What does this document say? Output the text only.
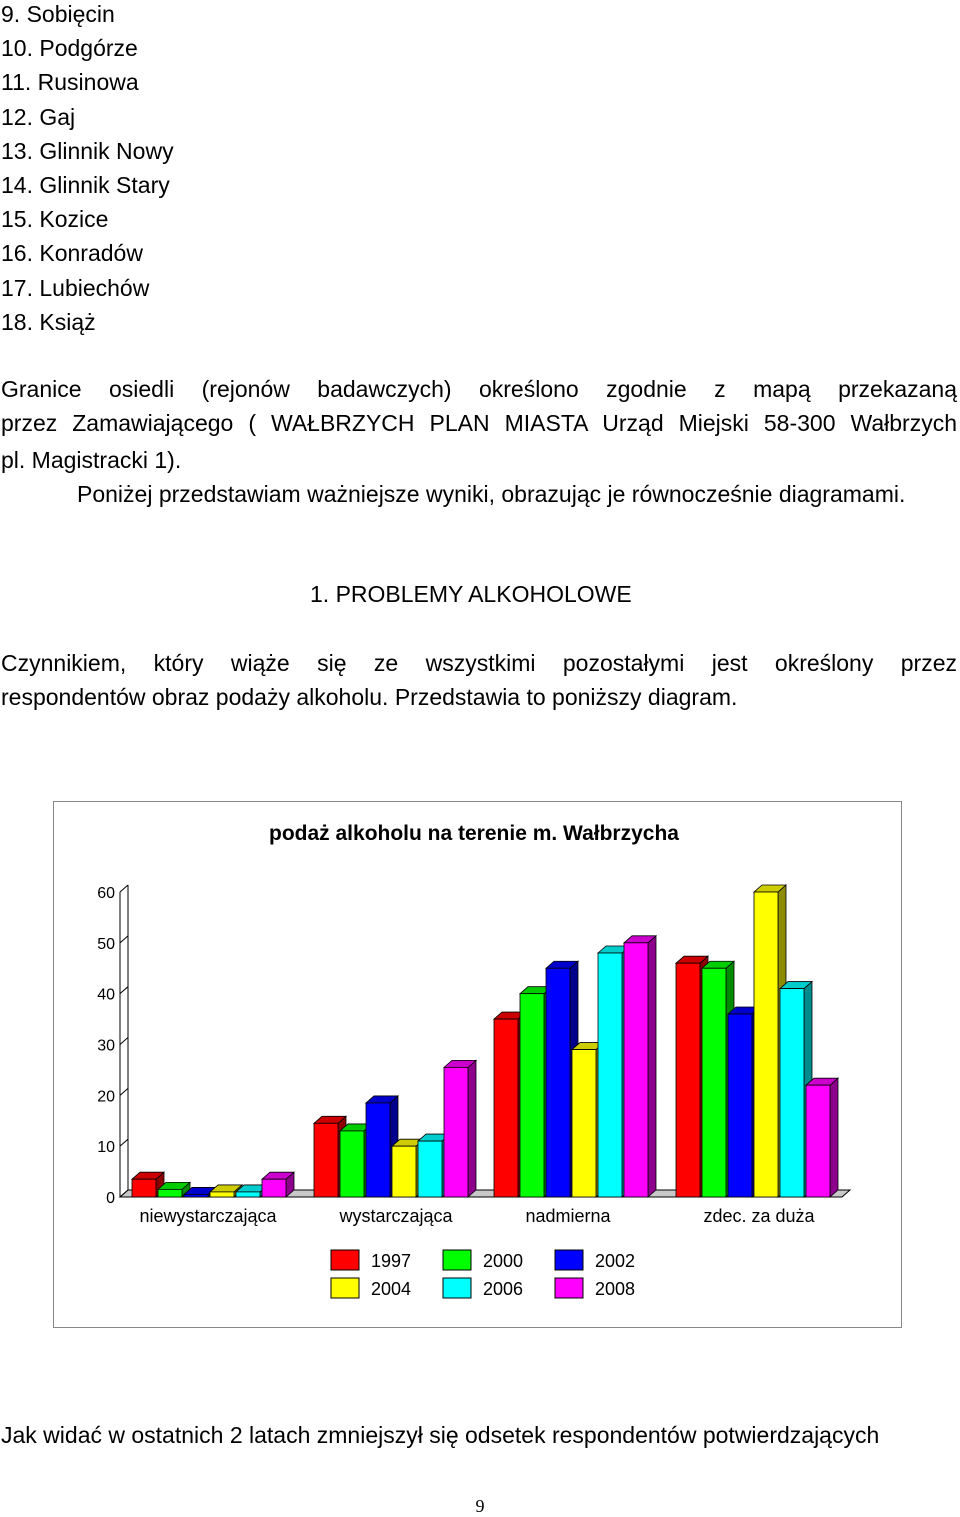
9. Sobięcin
10. Podgórze
11. Rusinowa
12. Gaj
13. Glinnik Nowy
14. Glinnik Stary
15. Kozice
16. Konradów
17. Lubiechów
18. Książ
Granice osiedli (rejonów badawczych) określono zgodnie z mapą przekazaną
przez Zamawiającego ( WAŁBRZYCH PLAN MIASTA Urząd Miejski 58-300 Wałbrzych
pl. Magistracki 1).
Poniżej przedstawiam ważniejsze wyniki, obrazując je równocześnie diagramami.
1. PROBLEMY ALKOHOLOWE
Czynnikiem, który wiąże się ze wszystkimi pozostałymi jest określony przez
respondentów obraz podaży alkoholu. Przedstawia to poniższy diagram.
podaż alkoholu na terenie m. Wałbrzycha
0
10
20
30
40
50
60
niewystarczająca	wystarczająca	nadmierna	zdec. za duża
1997	2000	2002
2004	2006	2008
Jak widać w ostatnich 2 latach zmniejszył się odsetek respondentów potwierdzających
9
